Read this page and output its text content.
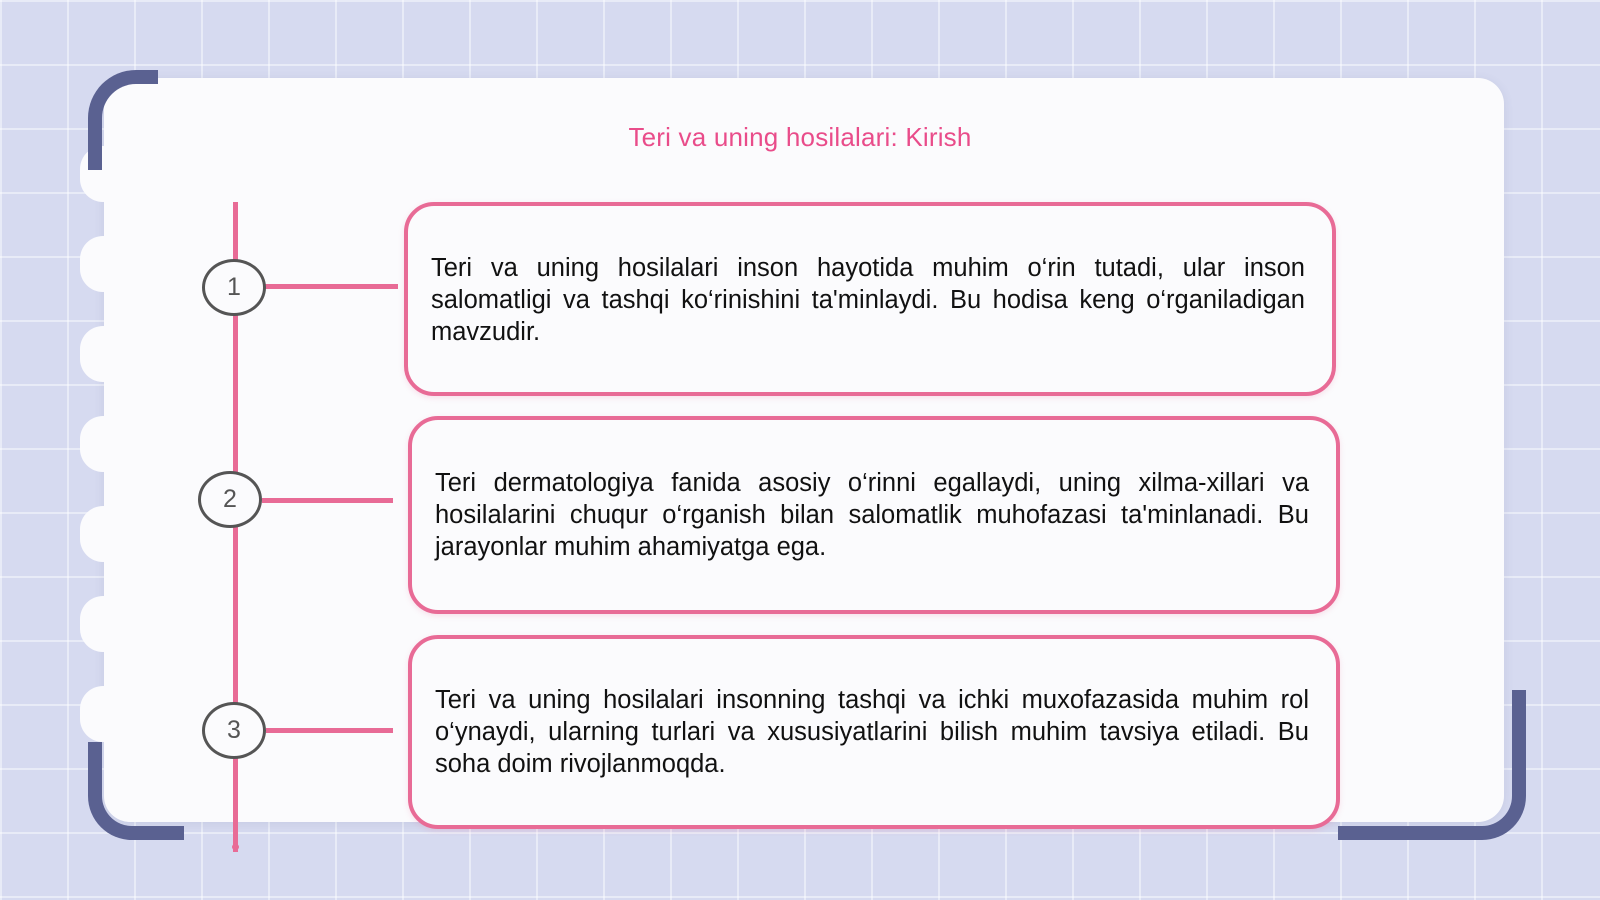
Teri va uning hosilalari: Kirish
Teri va uning hosilalari inson hayotida muhim o‘rin tutadi, ular inson salomatligi va tashqi ko‘rinishini ta'minlaydi. Bu hodisa keng o‘rganiladigan mavzudir.
1
Teri dermatologiya fanida asosiy o‘rinni egallaydi, uning xilma-xillari va hosilalarini chuqur o‘rganish bilan salomatlik muhofazasi ta'minlanadi. Bu jarayonlar muhim ahamiyatga ega.
2
Teri va uning hosilalari insonning tashqi va ichki muxofazasida muhim rol o‘ynaydi, ularning turlari va xususiyatlarini bilish muhim tavsiya etiladi. Bu soha doim rivojlanmoqda.
3
